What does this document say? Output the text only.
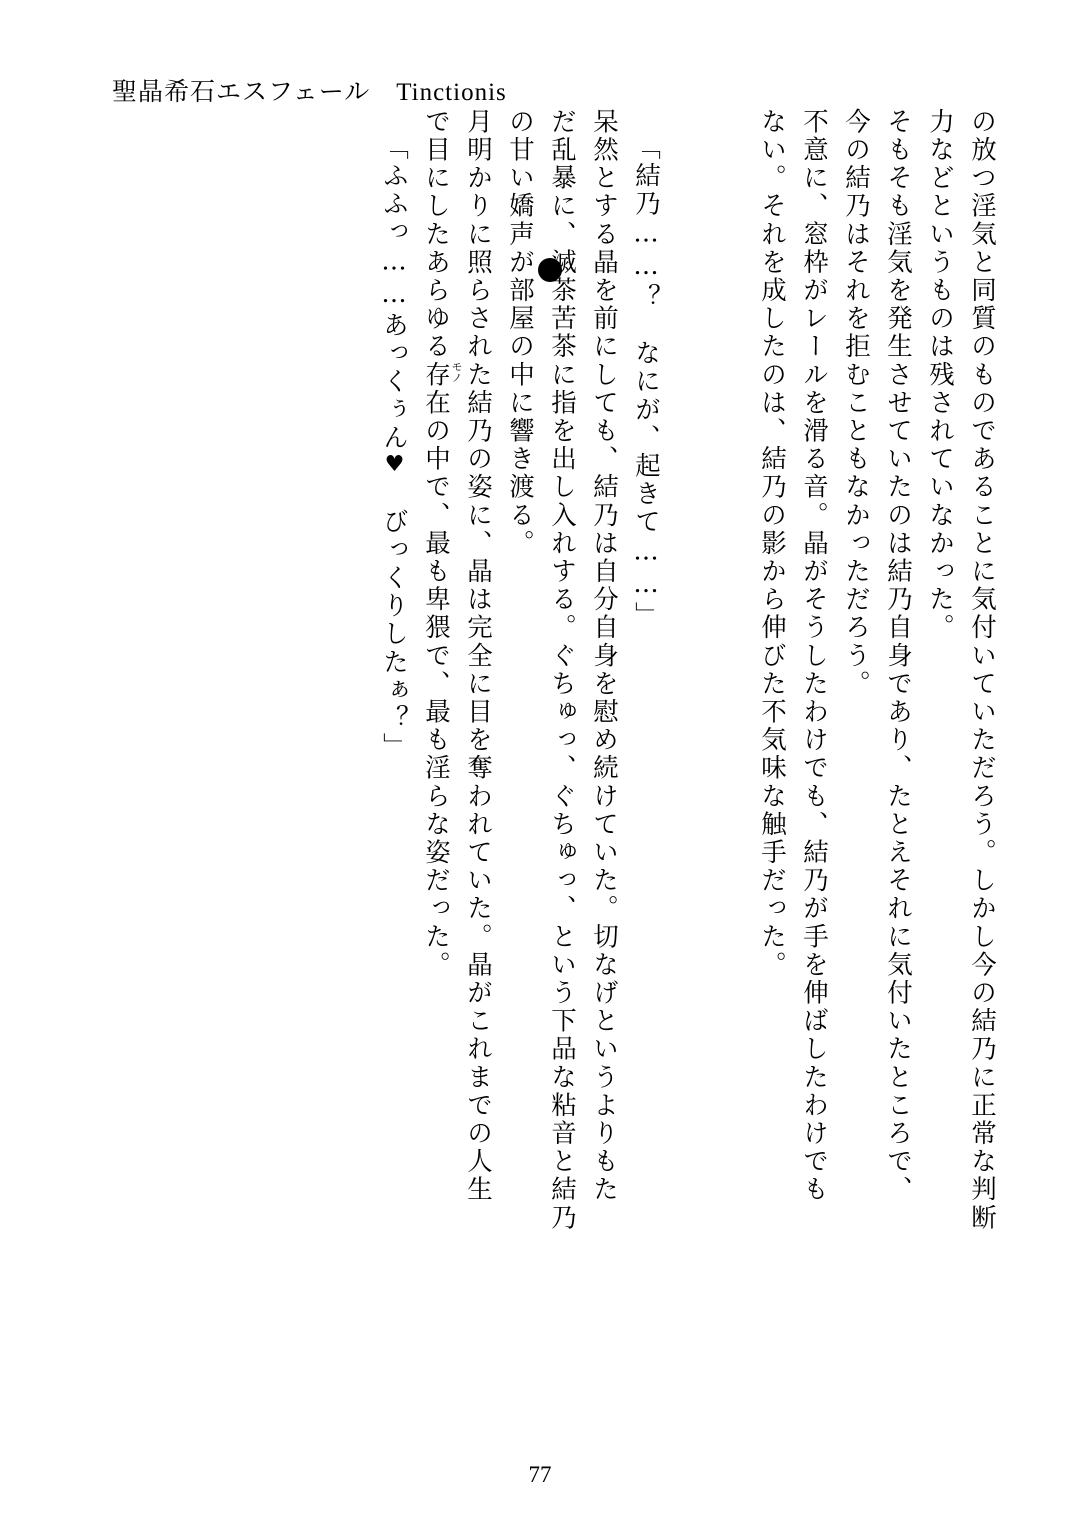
聖晶希石エスフェール　Tinctionis
の放つ淫気と同質のものであることに気付いていただろう。しかし今の結乃に正常な判断
力などというものは残されていなかった。
そもそも淫気を発生させていたのは結乃自身であり、たとえそれに気付いたところで、
今の結乃はそれを拒むこともなかっただろう。
不意に、窓枠がレールを滑る音。晶がそうしたわけでも、結乃が手を伸ばしたわけでも
ない。それを成したのは、結乃の影から伸びた不気味な触手だった。
「結乃……？　なにが、起きて……」
呆然とする晶を前にしても、結乃は自分自身を慰め続けていた。切なげというよりもた
だ乱暴に、滅茶苦茶に指を出し入れする。ぐちゅっ、ぐちゅっ、という下品な粘音と結乃
の甘い嬌声が部屋の中に響き渡る。
月明かりに照らされた結乃の姿に、晶は完全に目を奪われていた。晶がこれまでの人生
で目にしたあらゆる存在 モノ
の中で、最も卑猥で、最も淫らな姿だった。
「ふふっ……あっくぅん♥　びっくりしたぁ？」
77
